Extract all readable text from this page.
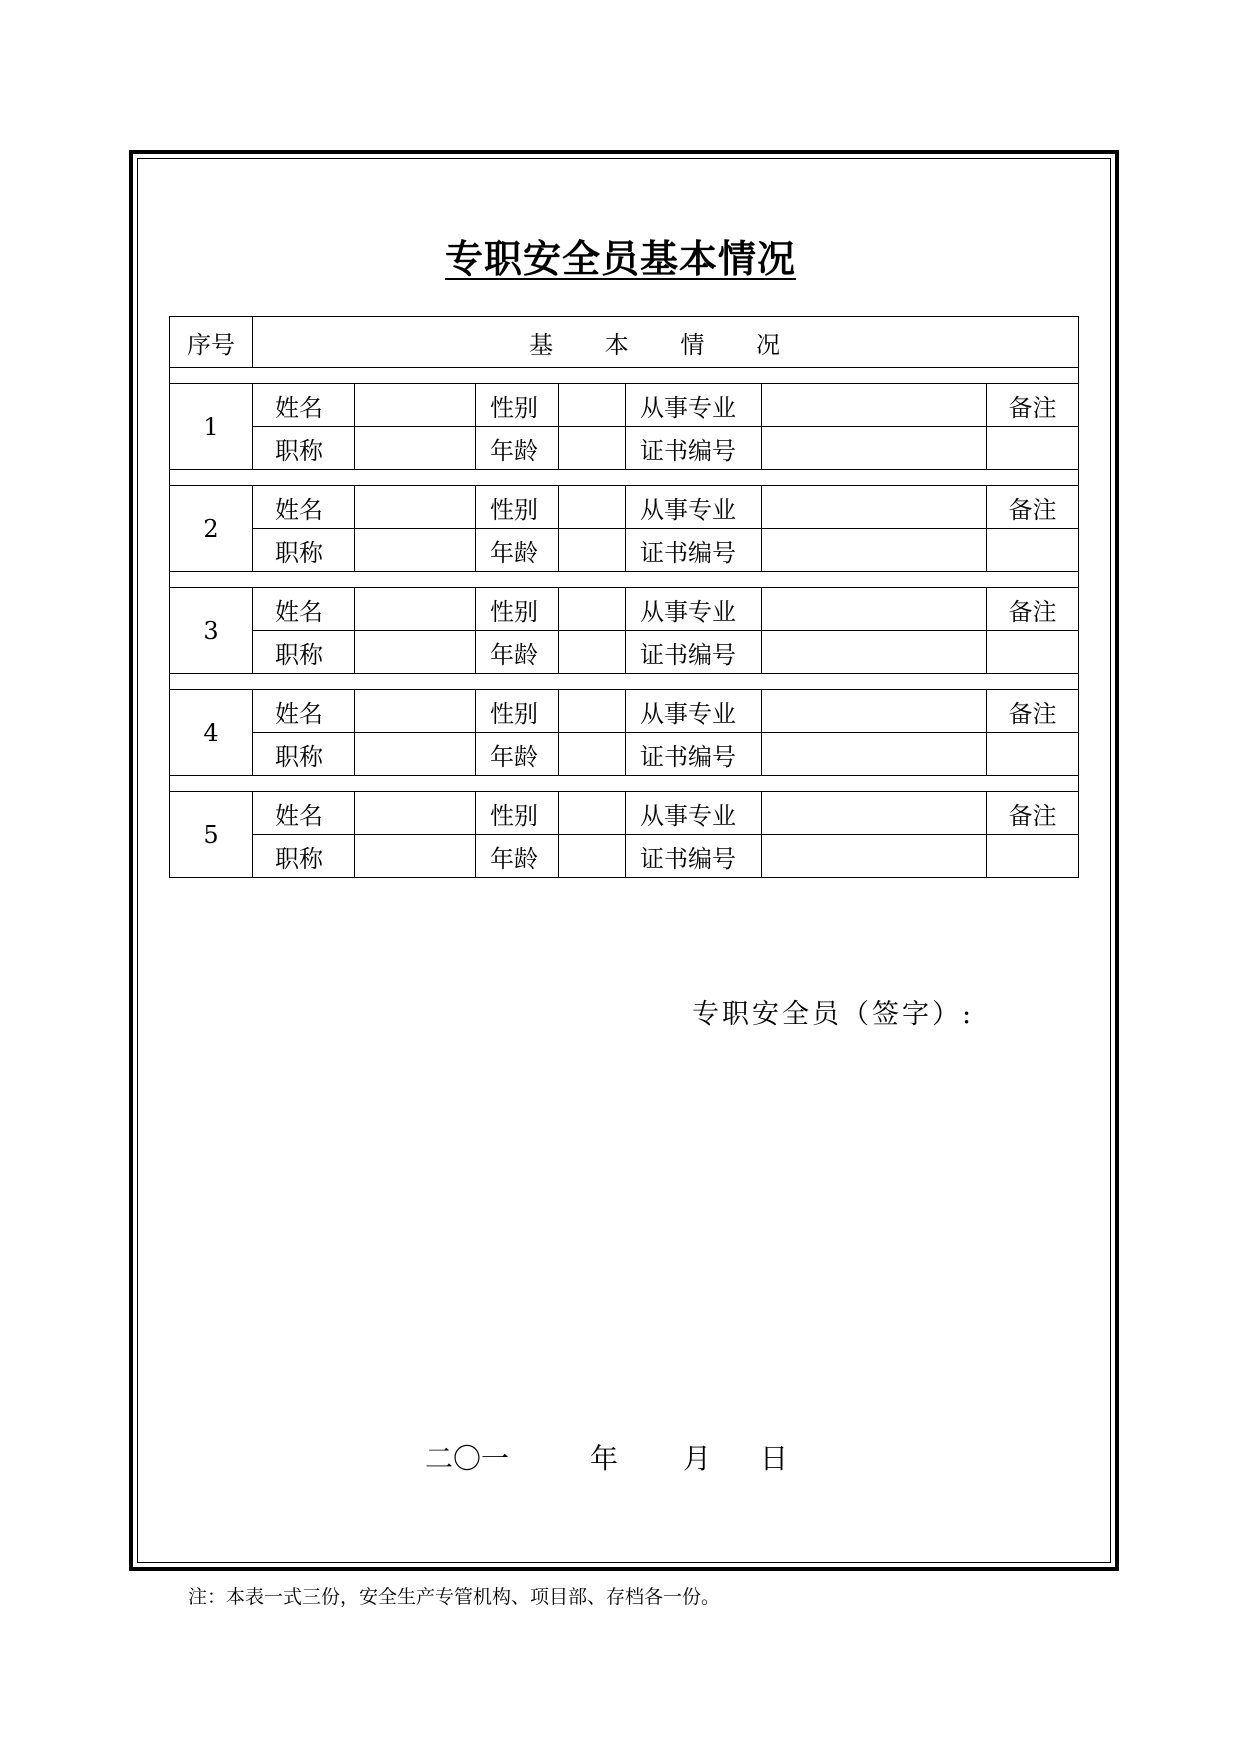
专职安全员基本情况
序号	基 本 情 况						

1	姓名		性别		从事专业		备注
	职称		年龄		证书编号		

2	姓名		性别		从事专业		备注
	职称		年龄		证书编号		

3	姓名		性别		从事专业		备注
	职称		年龄		证书编号		

4	姓名		性别		从事专业		备注
	职称		年龄		证书编号		

5	姓名		性别		从事专业		备注
	职称		年龄		证书编号		
专职安全员（签字）:
二〇一	年 月 日
注：本表一式三份，安全生产专管机构、项目部、存档各一份。
